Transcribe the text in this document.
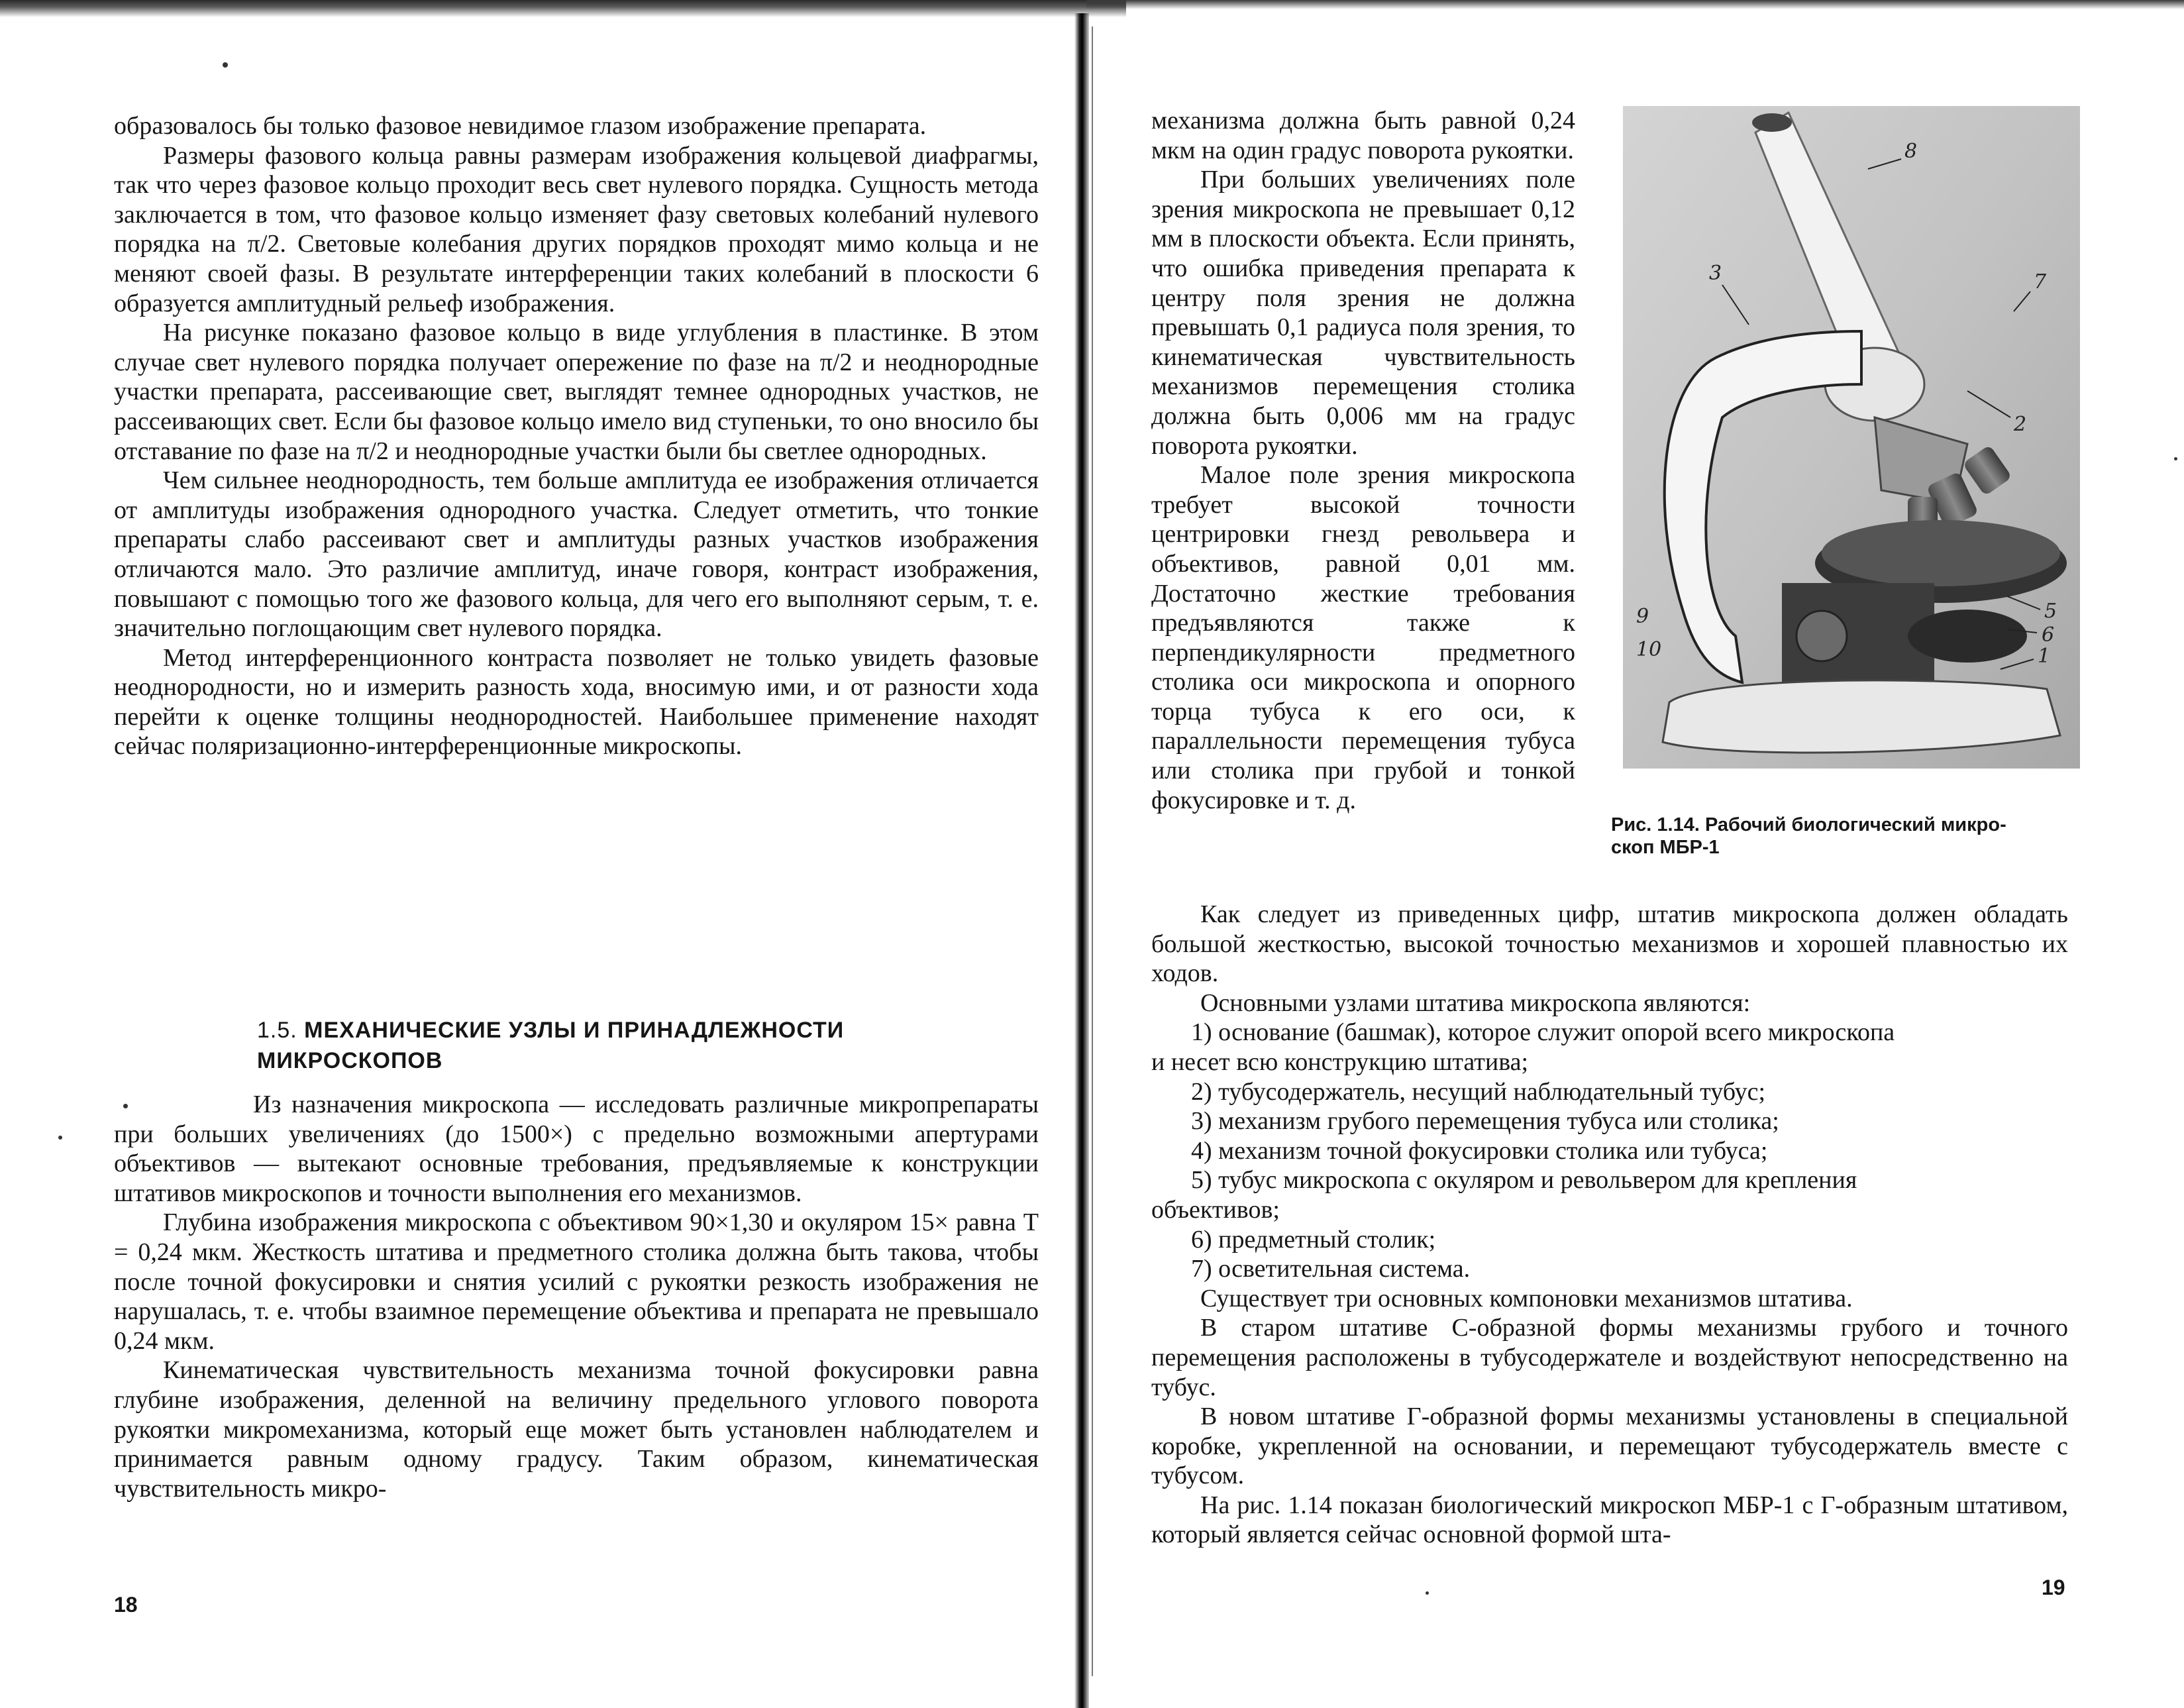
образовалось бы только фазовое невидимое глазом изображение препарата.

Размеры фазового кольца равны размерам изображения кольцевой диафрагмы, так что через фазовое кольцо проходит весь свет нулевого порядка. Сущность метода заключается в том, что фазовое кольцо изменяет фазу световых колебаний нулевого порядка на π/2. Световые колебания других порядков проходят мимо кольца и не меняют своей фазы. В результате интерференции таких колебаний в плоскости 6 образуется амплитудный рельеф изображения.

На рисунке показано фазовое кольцо в виде углубления в пластинке. В этом случае свет нулевого порядка получает опережение по фазе на π/2 и неоднородные участки препарата, рассеивающие свет, выглядят темнее однородных участков, не рассеивающих свет. Если бы фазовое кольцо имело вид ступеньки, то оно вносило бы отставание по фазе на π/2 и неоднородные участки были бы светлее однородных.

Чем сильнее неоднородность, тем больше амплитуда ее изображения отличается от амплитуды изображения однородного участка. Следует отметить, что тонкие препараты слабо рассеивают свет и амплитуды разных участков изображения отличаются мало. Это различие амплитуд, иначе говоря, контраст изображения, повышают с помощью того же фазового кольца, для чего его выполняют серым, т. е. значительно поглощающим свет нулевого порядка.

Метод интерференционного контраста позволяет не только увидеть фазовые неоднородности, но и измерить разность хода, вносимую ими, и от разности хода перейти к оценке толщины неоднородностей. Наибольшее применение находят сейчас поляризационно-интерференционные микроскопы.

1.5. МЕХАНИЧЕСКИЕ УЗЛЫ И ПРИНАДЛЕЖНОСТИ
МИКРОСКОПОВ

Из назначения микроскопа — исследовать различные микропрепараты при больших увеличениях (до 1500×) с предельно возможными апертурами объективов — вытекают основные требования, предъявляемые к конструкции штативов микроскопов и точности выполнения его механизмов.

Глубина изображения микроскопа с объективом 90×1,30 и окуляром 15× равна T = 0,24 мкм. Жесткость штатива и предметного столика должна быть такова, чтобы после точной фокусировки и снятия усилий с рукоятки резкость изображения не нарушалась, т. е. чтобы взаимное перемещение объектива и препарата не превышало 0,24 мкм.

Кинематическая чувствительность механизма точной фокусировки равна глубине изображения, деленной на величину предельного углового поворота рукоятки микромеханизма, который еще может быть установлен наблюдателем и принимается равным одному градусу. Таким образом, кинематическая чувствительность микро-

18

механизма должна быть равной 0,24 мкм на один градус поворота рукоятки.

При больших увеличениях поле зрения микроскопа не превышает 0,12 мм в плоскости объекта. Если принять, что ошибка приведения препарата к центру поля зрения не должна превышать 0,1 радиуса поля зрения, то кинематическая чувствительность механизмов перемещения столика должна быть 0,006 мм на градус поворота рукоятки.

Малое поле зрения микроскопа требует высокой точности центрировки гнезд револьвера и объективов, равной 0,01 мм. Достаточно жесткие требования предъявляются также к перпендикулярности предметного столика оси микроскопа и опорного торца тубуса к его оси, к параллельности перемещения тубуса или столика при грубой и тонкой фокусировке и т. д.

8
3	7
2
5
6
1
9
10
Рис. 1.14. Рабочий биологический микро-
скоп МБР-1

Как следует из приведенных цифр, штатив микроскопа должен обладать большой жесткостью, высокой точностью механизмов и хорошей плавностью их ходов.

Основными узлами штатива микроскопа являются:

1) основание (башмак), которое служит опорой всего микроскопа

и несет всю конструкцию штатива;

2) тубусодержатель, несущий наблюдательный тубус;

3) механизм грубого перемещения тубуса или столика;

4) механизм точной фокусировки столика или тубуса;

5) тубус микроскопа с окуляром и револьвером для крепления

объективов;

6) предметный столик;

7) осветительная система.

Существует три основных компоновки механизмов штатива.

В старом штативе С-образной формы механизмы грубого и точного перемещения расположены в тубусодержателе и воздействуют непосредственно на тубус.

В новом штативе Г-образной формы механизмы установлены в специальной коробке, укрепленной на основании, и перемещают тубусодержатель вместе с тубусом.

На рис. 1.14 показан биологический микроскоп МБР-1 с Г-образным штативом, который является сейчас основной формой шта-

19
